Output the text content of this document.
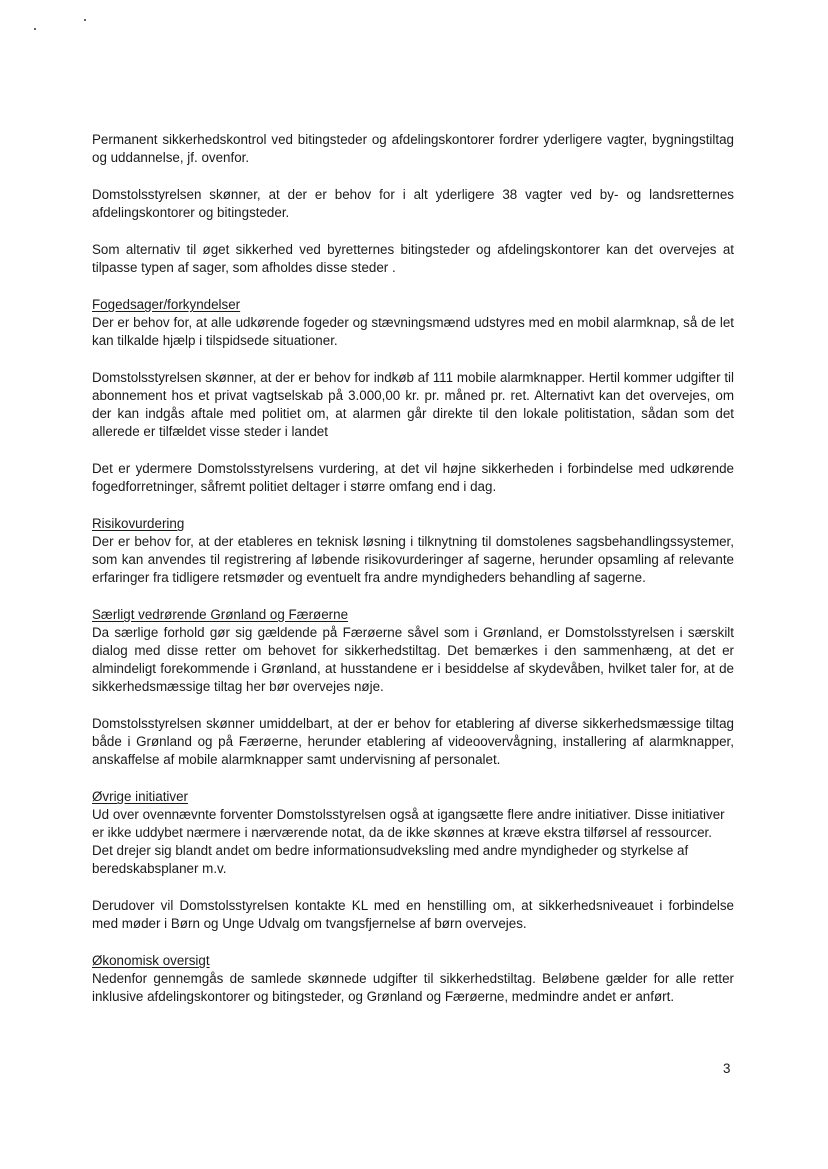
Permanent sikkerhedskontrol ved bitingsteder og afdelingskontorer fordrer yderligere vagter, bygningstiltag og uddannelse, jf. ovenfor.

Domstolsstyrelsen skønner, at der er behov for i alt yderligere 38 vagter ved by- og landsretternes afdelingskontorer og bitingsteder.

Som alternativ til øget sikkerhed ved byretternes bitingsteder og afdelingskontorer kan det overvejes at tilpasse typen af sager, som afholdes disse steder .

Fogedsager/forkyndelser
Der er behov for, at alle udkørende fogeder og stævningsmænd udstyres med en mobil alarmknap, så de let kan tilkalde hjælp i tilspidsede situationer.

Domstolsstyrelsen skønner, at der er behov for indkøb af 111 mobile alarmknapper. Hertil kommer udgifter til abonnement hos et privat vagtselskab på 3.000,00 kr. pr. måned pr. ret. Alternativt kan det overvejes, om der kan indgås aftale med politiet om, at alarmen går direkte til den lokale politistation, sådan som det allerede er tilfældet visse steder i landet

Det er ydermere Domstolsstyrelsens vurdering, at det vil højne sikkerheden i forbindelse med udkørende fogedforretninger, såfremt politiet deltager i større omfang end i dag.

Risikovurdering
Der er behov for, at der etableres en teknisk løsning i tilknytning til domstolenes sagsbehandlingssystemer, som kan anvendes til registrering af løbende risikovurderinger af sagerne, herunder opsamling af relevante erfaringer fra tidligere retsmøder og eventuelt fra andre myndigheders behandling af sagerne.

Særligt vedrørende Grønland og Færøerne
Da særlige forhold gør sig gældende på Færøerne såvel som i Grønland, er Domstolsstyrelsen i særskilt dialog med disse retter om behovet for sikkerhedstiltag. Det bemærkes i den sammenhæng, at det er almindeligt forekommende i Grønland, at husstandene er i besiddelse af skydevåben, hvilket taler for, at de sikkerhedsmæssige tiltag her bør overvejes nøje.

Domstolsstyrelsen skønner umiddelbart, at der er behov for etablering af diverse sikkerhedsmæssige tiltag både i Grønland og på Færøerne, herunder etablering af videoovervågning, installering af alarmknapper, anskaffelse af mobile alarmknapper samt undervisning af personalet.

Øvrige initiativer
Ud over ovennævnte forventer Domstolsstyrelsen også at igangsætte flere andre initiativer. Disse initiativer er ikke uddybet nærmere i nærværende notat, da de ikke skønnes at kræve ekstra tilførsel af ressourcer. Det drejer sig blandt andet om bedre informationsudveksling med andre myndigheder og styrkelse af beredskabsplaner m.v.

Derudover vil Domstolsstyrelsen kontakte KL med en henstilling om, at sikkerhedsniveauet i forbindelse med møder i Børn og Unge Udvalg om tvangsfjernelse af børn overvejes.

Økonomisk oversigt
Nedenfor gennemgås de samlede skønnede udgifter til sikkerhedstiltag. Beløbene gælder for alle retter inklusive afdelingskontorer og bitingsteder, og Grønland og Færøerne, medmindre andet er anført.

3
